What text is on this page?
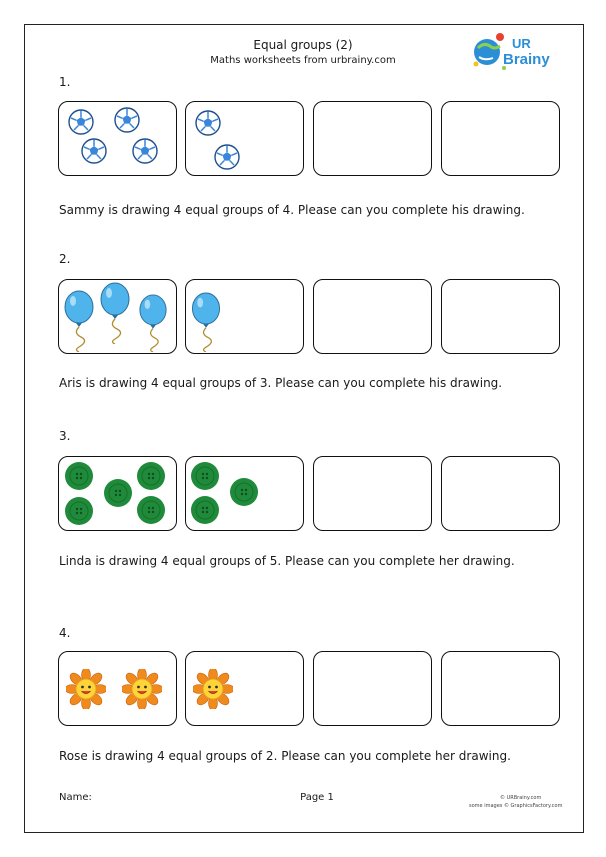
Equal groups (2)
Maths worksheets from urbrainy.com
UR
Brainy
1.
Sammy is drawing 4 equal groups of 4. Please can you complete his drawing.
2.
Aris is drawing 4 equal groups of 3. Please can you complete his drawing.
3.
Linda is drawing 4 equal groups of 5. Please can you complete her drawing.
4.
Rose is drawing 4 equal groups of 2. Please can you complete her drawing.
Name:	Page 1	© URBrainy.com
some images © GraphicsFactory.com
